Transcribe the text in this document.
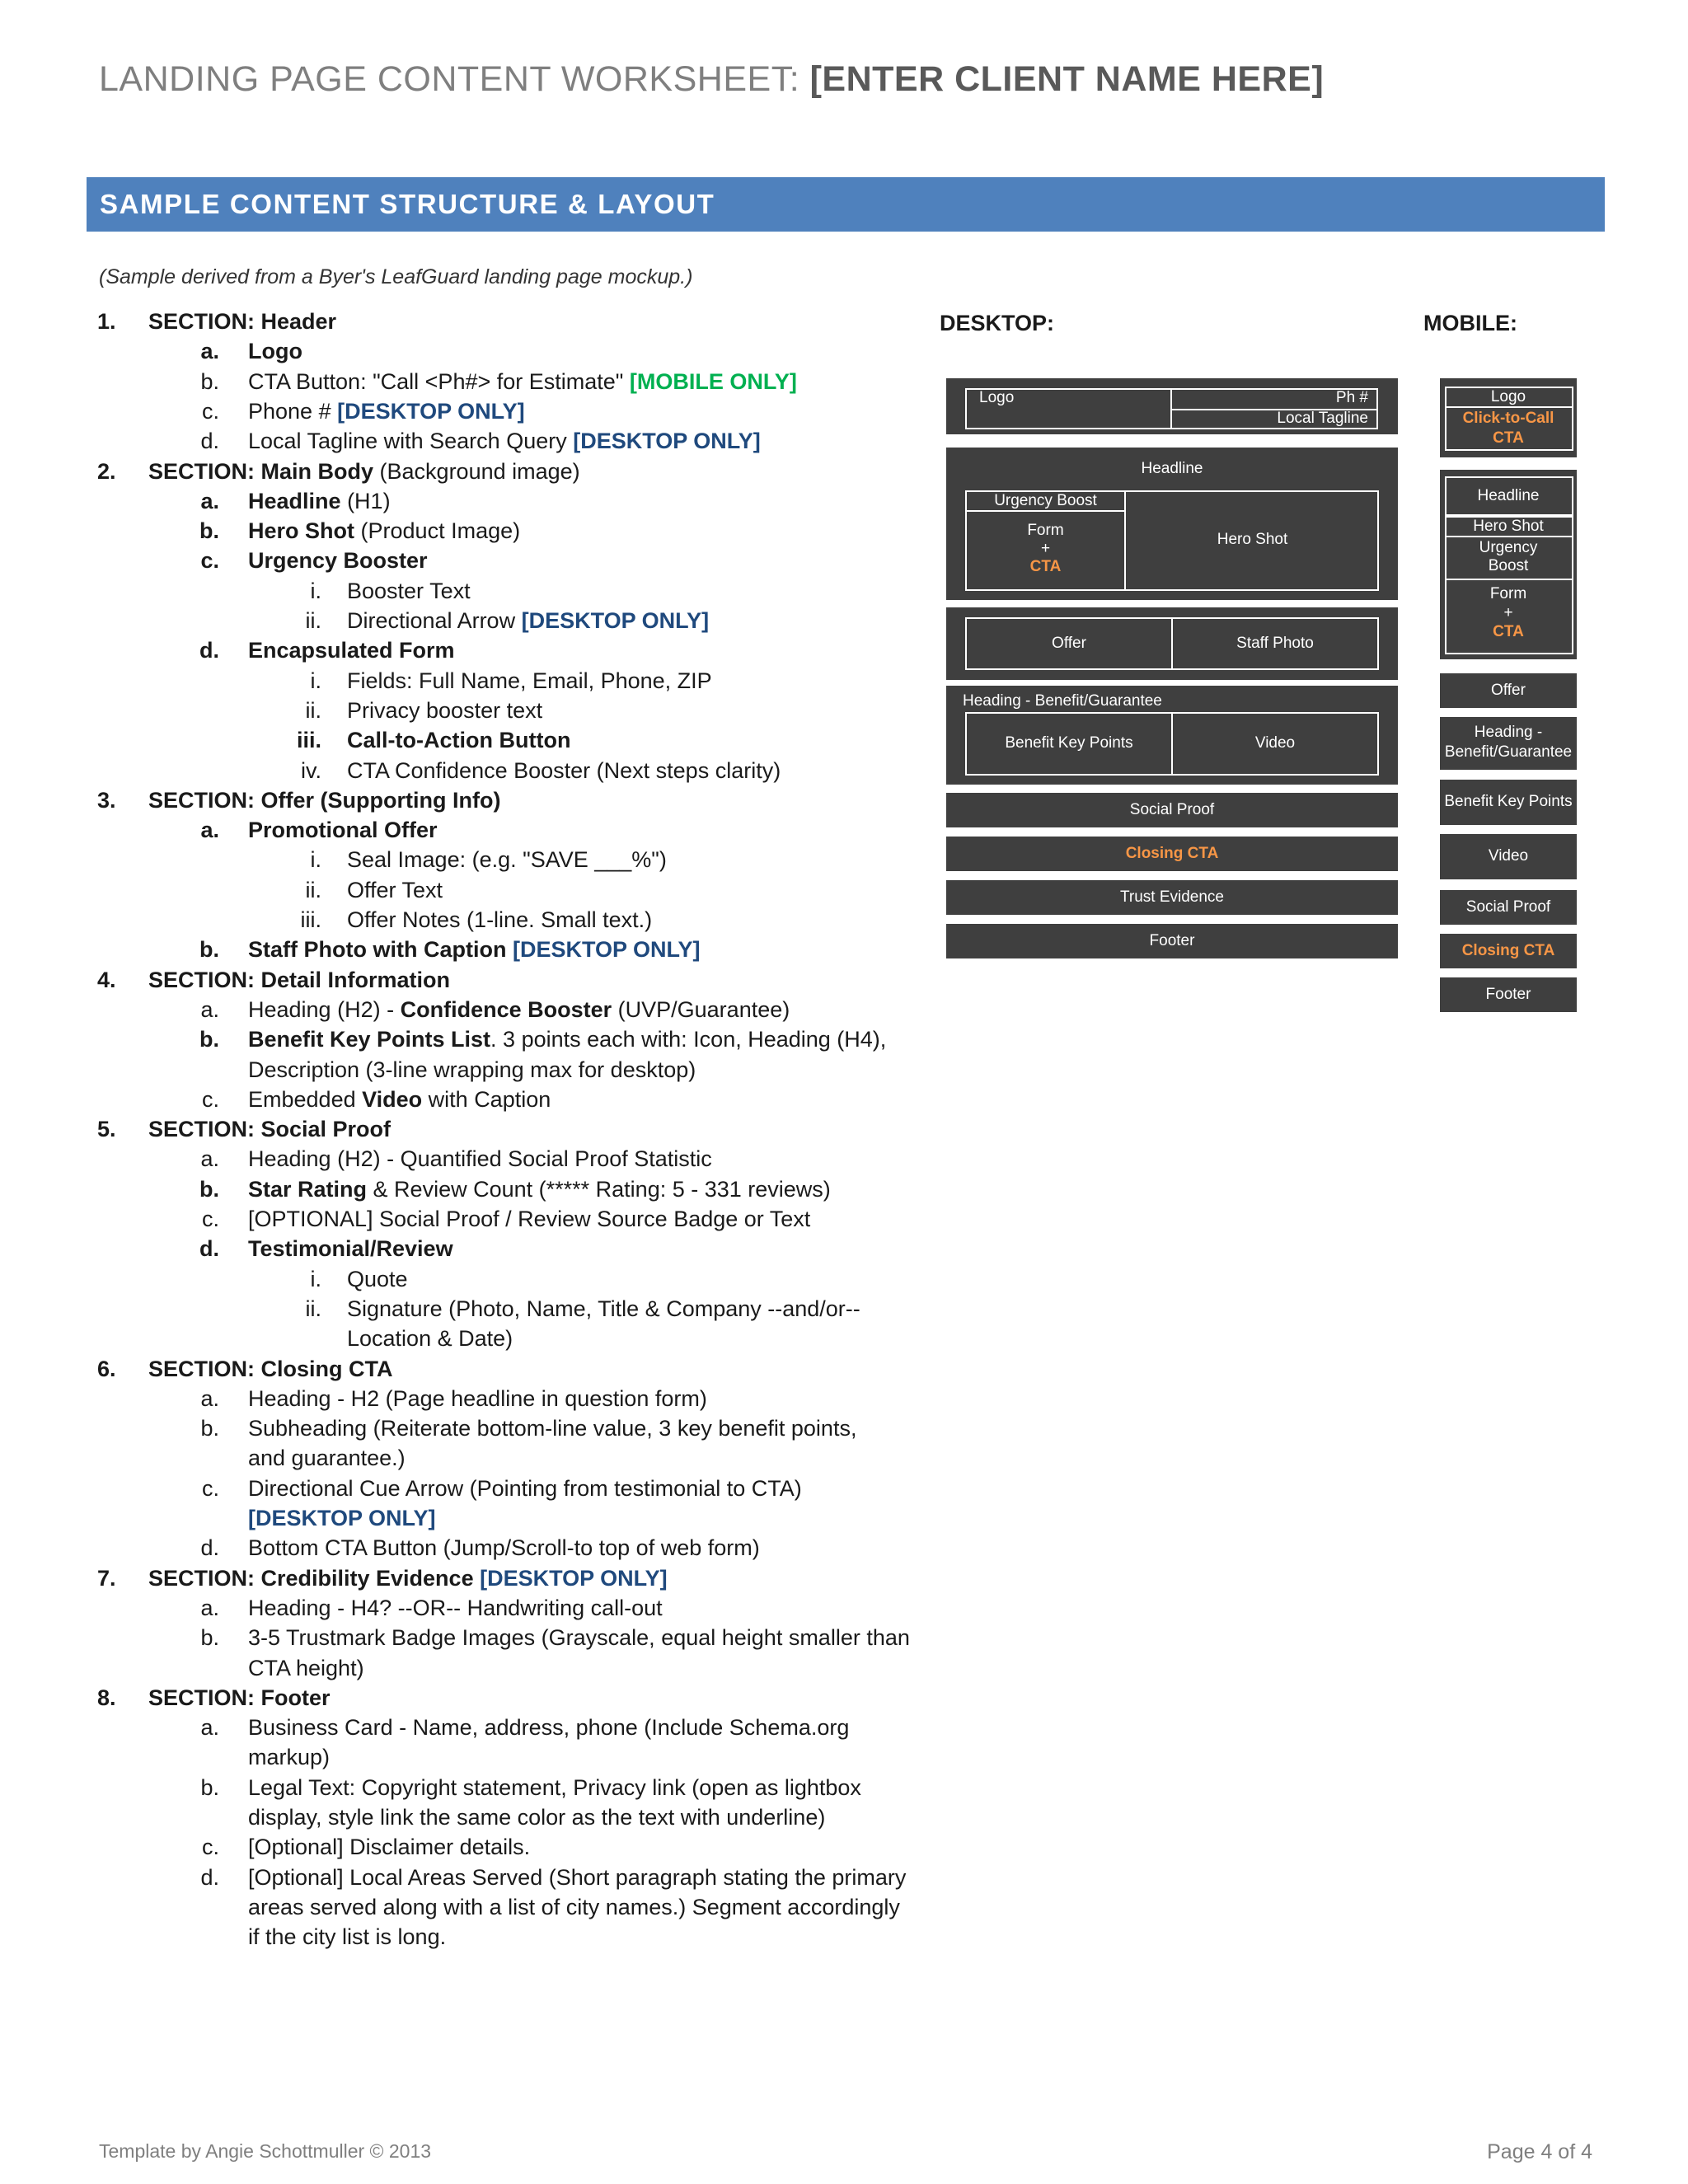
LANDING PAGE CONTENT WORKSHEET: [ENTER CLIENT NAME HERE]
SAMPLE CONTENT STRUCTURE & LAYOUT
(Sample derived from a Byer's LeafGuard landing page mockup.)
1.	SECTION: Header
a. Logo
b. CTA Button: "Call <Ph#> for Estimate" [MOBILE ONLY]
c. Phone # [DESKTOP ONLY]
d. Local Tagline with Search Query [DESKTOP ONLY]
2.	SECTION: Main Body (Background image)
a. Headline (H1)
b. Hero Shot (Product Image)
c. Urgency Booster
i. Booster Text
ii. Directional Arrow [DESKTOP ONLY]
d. Encapsulated Form
i. Fields: Full Name, Email, Phone, ZIP
ii. Privacy booster text
iii. Call-to-Action Button
iv. CTA Confidence Booster (Next steps clarity)
3.	SECTION: Offer (Supporting Info)
a. Promotional Offer
i. Seal Image: (e.g. "SAVE ___%")
ii. Offer Text
iii. Offer Notes (1-line. Small text.)
b. Staff Photo with Caption [DESKTOP ONLY]
4.	SECTION: Detail Information
a. Heading (H2) - Confidence Booster (UVP/Guarantee)
b. Benefit Key Points List. 3 points each with: Icon, Heading (H4),
Description (3-line wrapping max for desktop)
c. Embedded Video with Caption
5.	SECTION: Social Proof
a. Heading (H2) - Quantified Social Proof Statistic
b. Star Rating & Review Count (***** Rating: 5 - 331 reviews)
c. [OPTIONAL] Social Proof / Review Source Badge or Text
d. Testimonial/Review
i. Quote
ii. Signature (Photo, Name, Title & Company --and/or--
Location & Date)
6.	SECTION: Closing CTA
a. Heading - H2 (Page headline in question form)
b. Subheading (Reiterate bottom-line value, 3 key benefit points,
and guarantee.)
c. Directional Cue Arrow (Pointing from testimonial to CTA)
[DESKTOP ONLY]
d. Bottom CTA Button (Jump/Scroll-to top of web form)
7.	SECTION: Credibility Evidence [DESKTOP ONLY]
a. Heading - H4? --OR-- Handwriting call-out
b. 3-5 Trustmark Badge Images (Grayscale, equal height smaller than
CTA height)
8.	SECTION: Footer
a. Business Card - Name, address, phone (Include Schema.org
markup)
b. Legal Text: Copyright statement, Privacy link (open as lightbox
display, style link the same color as the text with underline)
c. [Optional] Disclaimer details.
d. [Optional] Local Areas Served (Short paragraph stating the primary
areas served along with a list of city names.) Segment accordingly
if the city list is long.
DESKTOP:	MOBILE:
Logo	Ph #
Local Tagline
Headline
Urgency Boost
Form
+
CTA
Hero Shot
Offer	Staff Photo
Heading - Benefit/Guarantee
Benefit Key Points	Video
Social Proof
Closing CTA
Trust Evidence
Footer
Logo
Click-to-Call
CTA
Headline
Hero Shot
Urgency
Boost
Form
+
CTA
Offer
Heading -
Benefit/Guarantee
Benefit Key Points
Video
Social Proof
Closing CTA
Footer
Template by Angie Schottmuller © 2013	Page 4 of 4
